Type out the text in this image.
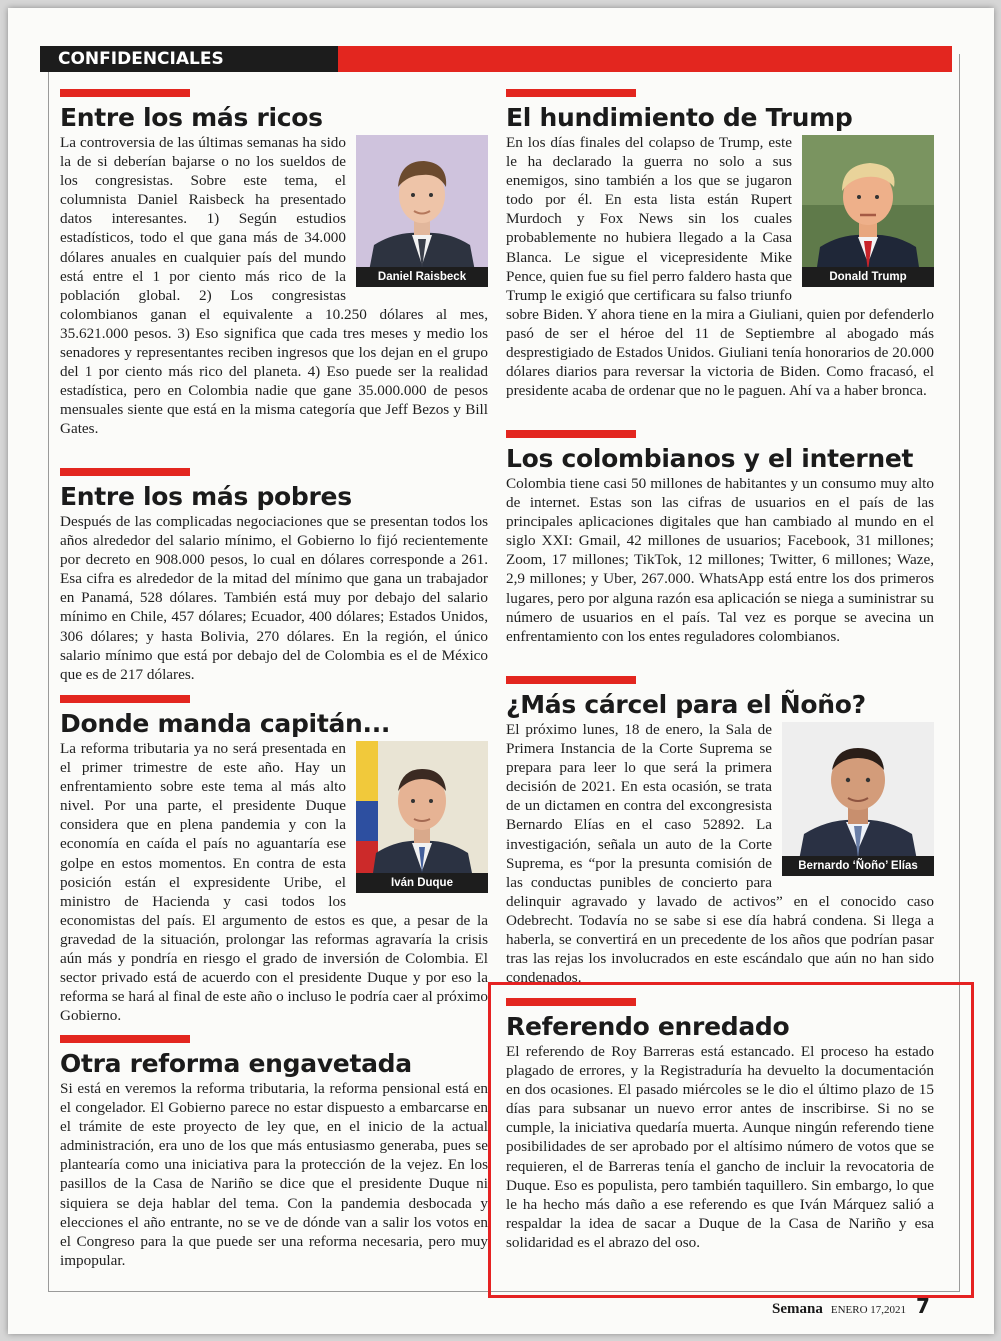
CONFIDENCIALES
Entre los más ricos
Daniel Raisbeck
La controversia de las últimas semanas ha sido la de si deberían bajarse o no los sueldos de los congresistas. Sobre este tema, el columnista Daniel Raisbeck ha presentado datos interesantes. 1) Según estudios estadísticos, todo el que gana más de 34.000 dólares anuales en cualquier país del mundo está entre el 1 por ciento más rico de la población global. 2) Los congresistas colombianos ganan el equivalente a 10.250 dólares al mes, 35.621.000 pesos. 3) Eso significa que cada tres meses y medio los senadores y representantes reciben ingresos que los dejan en el grupo del 1 por ciento más rico del planeta. 4) Eso puede ser la realidad estadística, pero en Colombia nadie que gane 35.000.000 de pesos mensuales siente que está en la misma categoría que Jeff Bezos y Bill Gates.
Entre los más pobres
Después de las complicadas negociaciones que se presentan todos los años alrededor del salario mínimo, el Gobierno lo fijó recientemente por decreto en 908.000 pesos, lo cual en dólares corresponde a 261. Esa cifra es alrededor de la mitad del mínimo que gana un trabajador en Panamá, 528 dólares. También está muy por debajo del salario mínimo en Chile, 457 dólares; Ecuador, 400 dólares; Estados Unidos, 306 dólares; y hasta Bolivia, 270 dólares. En la región, el único salario mínimo que está por debajo del de Colombia es el de México que es de 217 dólares.
Donde manda capitán...
Iván Duque
La reforma tributaria ya no será presentada en el primer trimestre de este año. Hay un enfrentamiento sobre este tema al más alto nivel. Por una parte, el presidente Duque considera que en plena pandemia y con la economía en caída el país no aguantaría ese golpe en estos momentos. En contra de esta posición están el expresidente Uribe, el ministro de Hacienda y casi todos los economistas del país. El argumento de estos es que, a pesar de la gravedad de la situación, prolongar las reformas agravaría la crisis aún más y pondría en riesgo el grado de inversión de Colombia. El sector privado está de acuerdo con el presidente Duque y por eso la reforma se hará al final de este año o incluso le podría caer al próximo Gobierno.
Otra reforma engavetada
Si está en veremos la reforma tributaria, la reforma pensional está en el congelador. El Gobierno parece no estar dispuesto a embarcarse en el trámite de este proyecto de ley que, en el inicio de la actual administración, era uno de los que más entusiasmo generaba, pues se plantearía como una iniciativa para la protección de la vejez. En los pasillos de la Casa de Nariño se dice que el presidente Duque ni siquiera se deja hablar del tema. Con la pandemia desbocada y elecciones el año entrante, no se ve de dónde van a salir los votos en el Congreso para la que puede ser una reforma necesaria, pero muy impopular.
El hundimiento de Trump
Donald Trump
En los días finales del colapso de Trump, este le ha declarado la guerra no solo a sus enemigos, sino también a los que se jugaron todo por él. En esta lista están Rupert Murdoch y Fox News sin los cuales probablemente no hubiera llegado a la Casa Blanca. Le sigue el vicepresidente Mike Pence, quien fue su fiel perro faldero hasta que Trump le exigió que certificara su falso triunfo sobre Biden. Y ahora tiene en la mira a Giuliani, quien por defenderlo pasó de ser el héroe del 11 de Septiembre al abogado más desprestigiado de Estados Unidos. Giuliani tenía honorarios de 20.000 dólares diarios para reversar la victoria de Biden. Como fracasó, el presidente acaba de ordenar que no le paguen. Ahí va a haber bronca.
Los colombianos y el internet
Colombia tiene casi 50 millones de habitantes y un consumo muy alto de internet. Estas son las cifras de usuarios en el país de las principales aplicaciones digitales que han cambiado al mundo en el siglo XXI: Gmail, 42 millones de usuarios; Facebook, 31 millones; Zoom, 17 millones; TikTok, 12 millones; Twitter, 6 millones; Waze, 2,9 millones; y Uber, 267.000. WhatsApp está entre los dos primeros lugares, pero por alguna razón esa aplicación se niega a suministrar su número de usuarios en el país. Tal vez es porque se avecina un enfrentamiento con los entes reguladores colombianos.
¿Más cárcel para el Ñoño?
Bernardo ‘Ñoño’ Elías
El próximo lunes, 18 de enero, la Sala de Primera Instancia de la Corte Suprema se prepara para leer lo que será la primera decisión de 2021. En esta ocasión, se trata de un dictamen en contra del excongresista Bernardo Elías en el caso 52892. La investigación, señala un auto de la Corte Suprema, es “por la presunta comisión de las conductas punibles de concierto para delinquir agravado y lavado de activos” en el conocido caso Odebrecht. Todavía no se sabe si ese día habrá condena. Si llega a haberla, se convertirá en un precedente de los años que podrían pasar tras las rejas los involucrados en este escándalo que aún no han sido condenados.
Referendo enredado
El referendo de Roy Barreras está estancado. El proceso ha estado plagado de errores, y la Registraduría ha devuelto la documentación en dos ocasiones. El pasado miércoles se le dio el último plazo de 15 días para subsanar un nuevo error antes de inscribirse. Si no se cumple, la iniciativa quedaría muerta. Aunque ningún referendo tiene posibilidades de ser aprobado por el altísimo número de votos que se requieren, el de Barreras tenía el gancho de incluir la revocatoria de Duque. Eso es populista, pero también taquillero. Sin embargo, lo que le ha hecho más daño a ese referendo es que Iván Márquez salió a respaldar la idea de sacar a Duque de la Casa de Nariño y esa solidaridad es el abrazo del oso.
Semana ENERO 17,2021 7
